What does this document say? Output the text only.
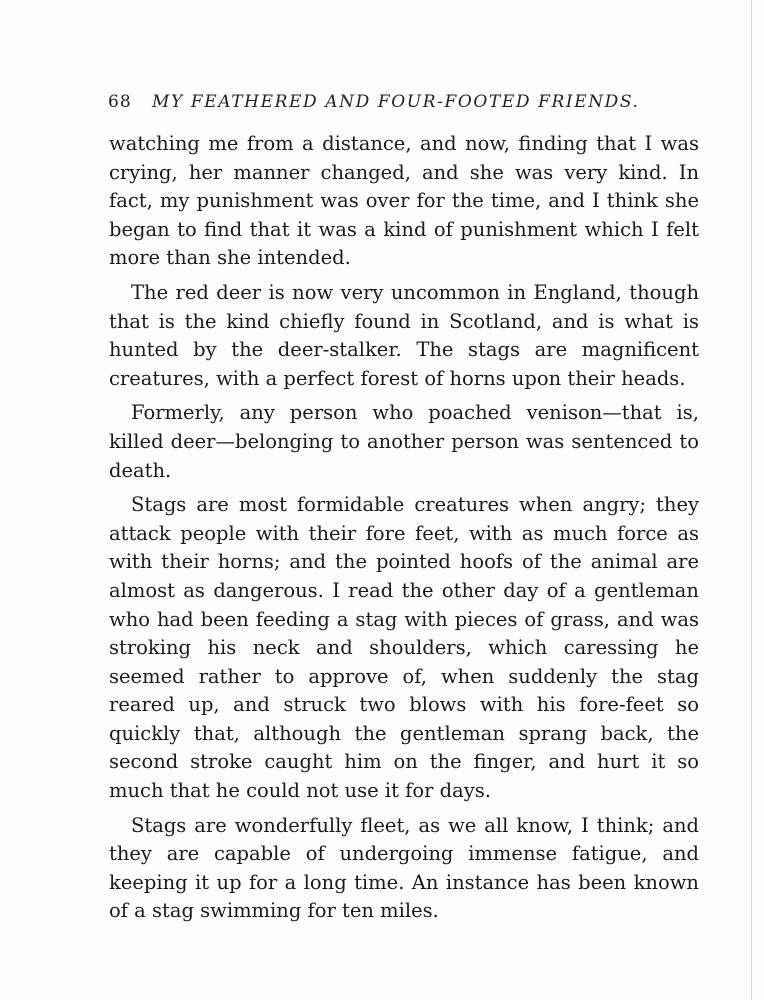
68 MY FEATHERED AND FOUR-FOOTED FRIENDS.

watching me from a distance, and now, finding that I was crying, her manner changed, and she was very kind. In fact, my punishment was over for the time, and I think she began to find that it was a kind of punishment which I felt more than she intended.

The red deer is now very uncommon in England, though that is the kind chiefly found in Scotland, and is what is hunted by the deer-stalker. The stags are magnificent creatures, with a perfect forest of horns upon their heads.

Formerly, any person who poached venison—that is, killed deer—belonging to another person was sentenced to death.

Stags are most formidable creatures when angry; they attack people with their fore feet, with as much force as with their horns; and the pointed hoofs of the animal are almost as dangerous. I read the other day of a gentleman who had been feeding a stag with pieces of grass, and was stroking his neck and shoulders, which caressing he seemed rather to approve of, when suddenly the stag reared up, and struck two blows with his fore-feet so quickly that, although the gentleman sprang back, the second stroke caught him on the finger, and hurt it so much that he could not use it for days.

Stags are wonderfully fleet, as we all know, I think; and they are capable of undergoing immense fatigue, and keeping it up for a long time. An instance has been known of a stag swimming for ten miles.
